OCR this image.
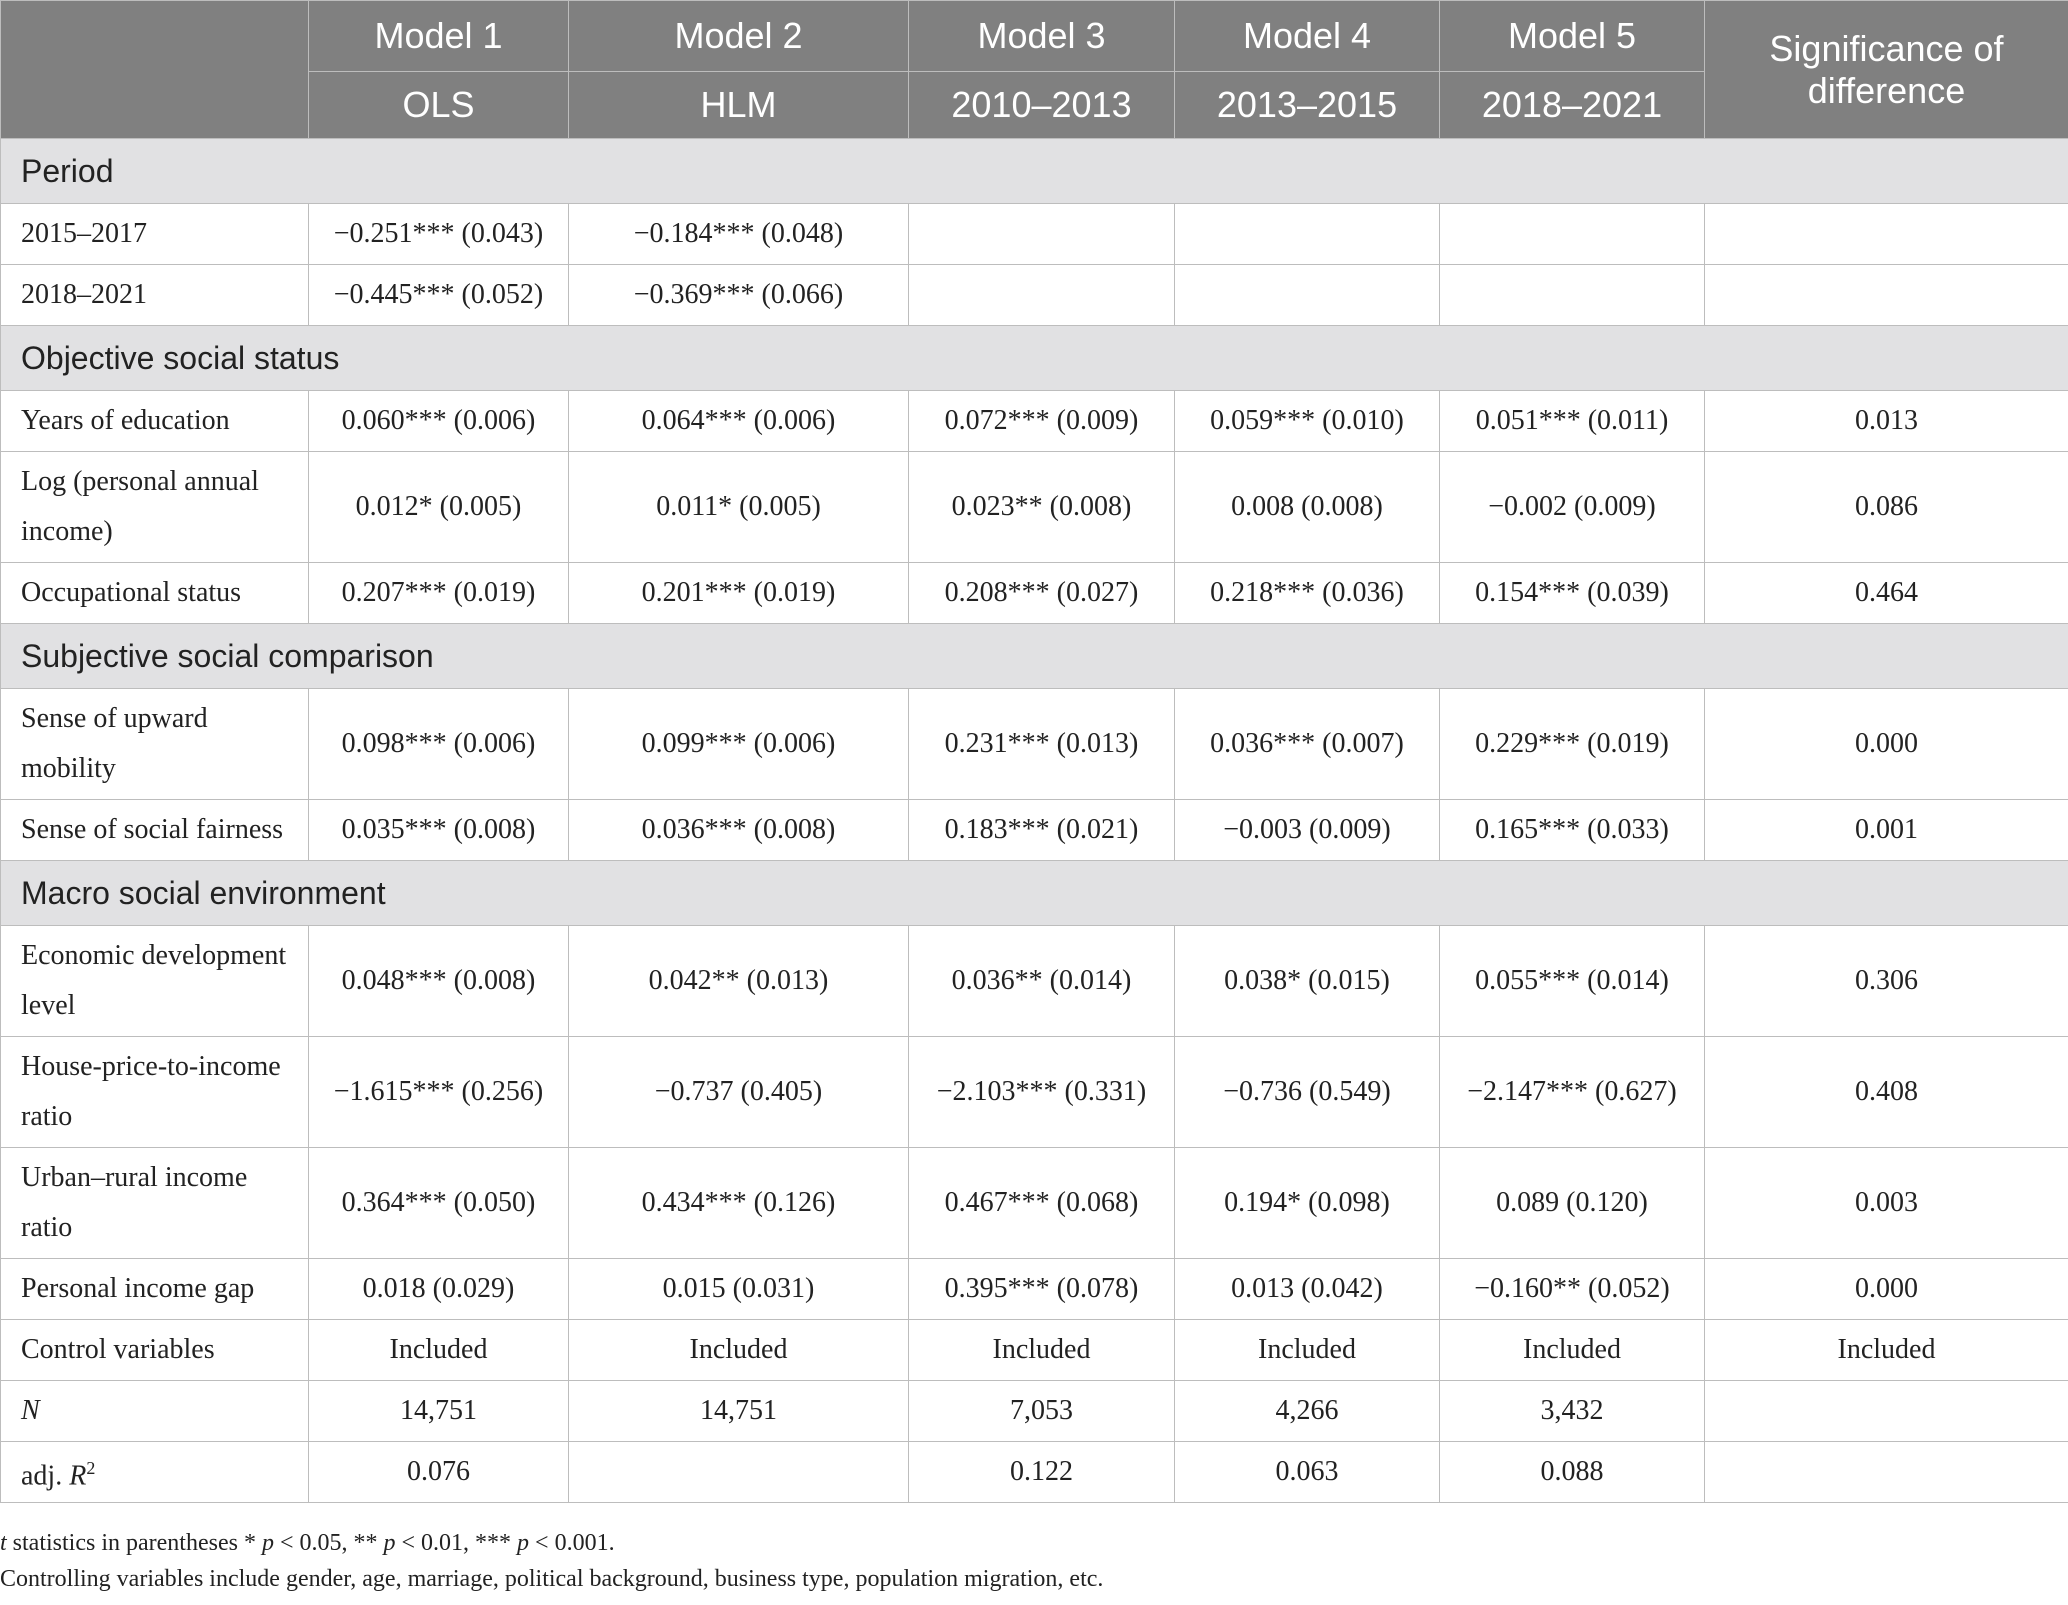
	Model 1	Model 2	Model 3	Model 4	Model 5	Significance of difference
	OLS	HLM	2010–2013	2013–2015	2018–2021	
Period						
2015–2017	−0.251*** (0.043)	−0.184*** (0.048)				
2018–2021	−0.445*** (0.052)	−0.369*** (0.066)				
Objective social status						
Years of education	0.060*** (0.006)	0.064*** (0.006)	0.072*** (0.009)	0.059*** (0.010)	0.051*** (0.011)	0.013
Log (personal annual income)	0.012* (0.005)	0.011* (0.005)	0.023** (0.008)	0.008 (0.008)	−0.002 (0.009)	0.086
Occupational status	0.207*** (0.019)	0.201*** (0.019)	0.208*** (0.027)	0.218*** (0.036)	0.154*** (0.039)	0.464
Subjective social comparison						
Sense of upward mobility	0.098*** (0.006)	0.099*** (0.006)	0.231*** (0.013)	0.036*** (0.007)	0.229*** (0.019)	0.000
Sense of social fairness	0.035*** (0.008)	0.036*** (0.008)	0.183*** (0.021)	−0.003 (0.009)	0.165*** (0.033)	0.001
Macro social environment						
Economic development level	0.048*** (0.008)	0.042** (0.013)	0.036** (0.014)	0.038* (0.015)	0.055*** (0.014)	0.306
House-price-to-income ratio	−1.615*** (0.256)	−0.737 (0.405)	−2.103*** (0.331)	−0.736 (0.549)	−2.147*** (0.627)	0.408
Urban–rural income ratio	0.364*** (0.050)	0.434*** (0.126)	0.467*** (0.068)	0.194* (0.098)	0.089 (0.120)	0.003
Personal income gap	0.018 (0.029)	0.015 (0.031)	0.395*** (0.078)	0.013 (0.042)	−0.160** (0.052)	0.000
Control variables	Included	Included	Included	Included	Included	Included
N	14,751	14,751	7,053	4,266	3,432	
adj. $R^2$	0.076		0.122	0.063	0.088	

t statistics in parentheses * p < 0.05, ** p < 0.01, *** p < 0.001.

Controlling variables include gender, age, marriage, political background, business type, population migration, etc.
